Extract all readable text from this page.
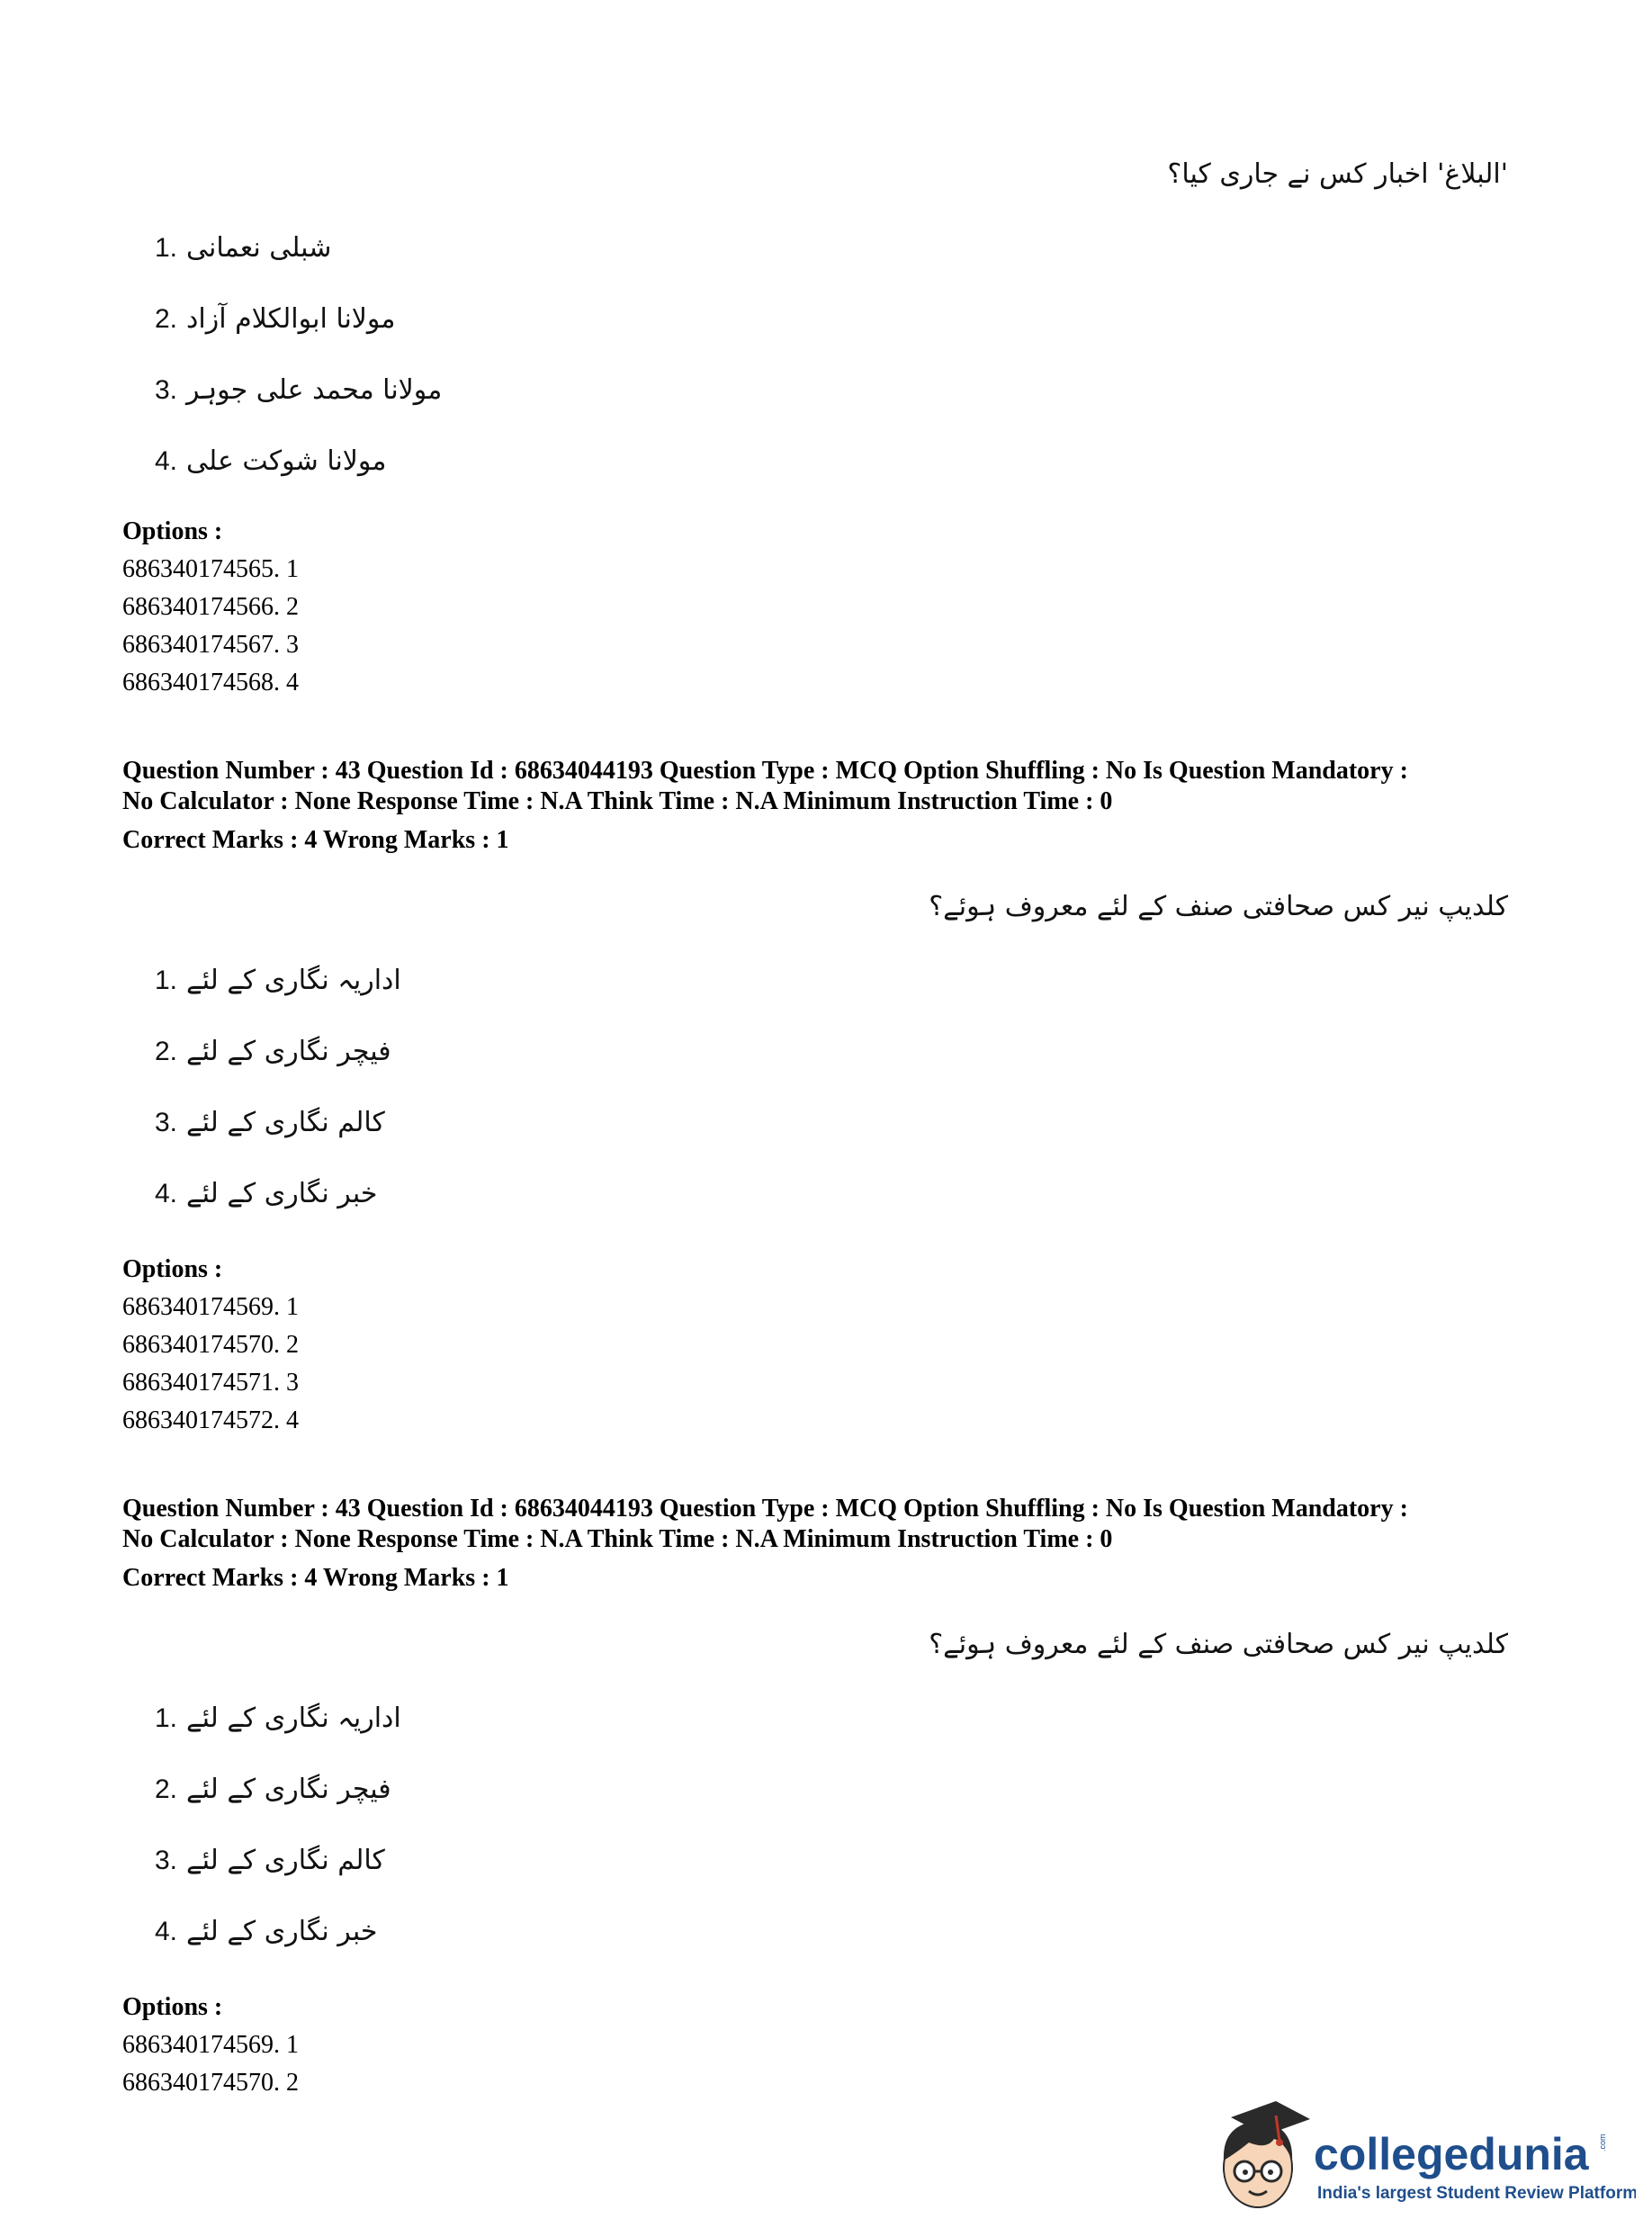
'البلاغ' اخبار کس نے جاری کیا؟
1. شبلی نعمانی
2. مولانا ابوالکلام آزاد
3. مولانا محمد علی جوہر
4. مولانا شوکت علی
Options :
686340174565. 1
686340174566. 2
686340174567. 3
686340174568. 4
Question Number : 43 Question Id : 68634044193 Question Type : MCQ Option Shuffling : No Is Question Mandatory :
No Calculator : None Response Time : N.A Think Time : N.A Minimum Instruction Time : 0
Correct Marks : 4 Wrong Marks : 1
کلدیپ نیر کس صحافتی صنف کے لئے معروف ہوئے؟
1. اداریہ نگاری کے لئے
2. فیچر نگاری کے لئے
3. کالم نگاری کے لئے
4. خبر نگاری کے لئے
Options :
686340174569. 1
686340174570. 2
686340174571. 3
686340174572. 4
Question Number : 43 Question Id : 68634044193 Question Type : MCQ Option Shuffling : No Is Question Mandatory :
No Calculator : None Response Time : N.A Think Time : N.A Minimum Instruction Time : 0
Correct Marks : 4 Wrong Marks : 1
کلدیپ نیر کس صحافتی صنف کے لئے معروف ہوئے؟
1. اداریہ نگاری کے لئے
2. فیچر نگاری کے لئے
3. کالم نگاری کے لئے
4. خبر نگاری کے لئے
Options :
686340174569. 1
686340174570. 2
collegedunia .com
India's largest Student Review Platform
